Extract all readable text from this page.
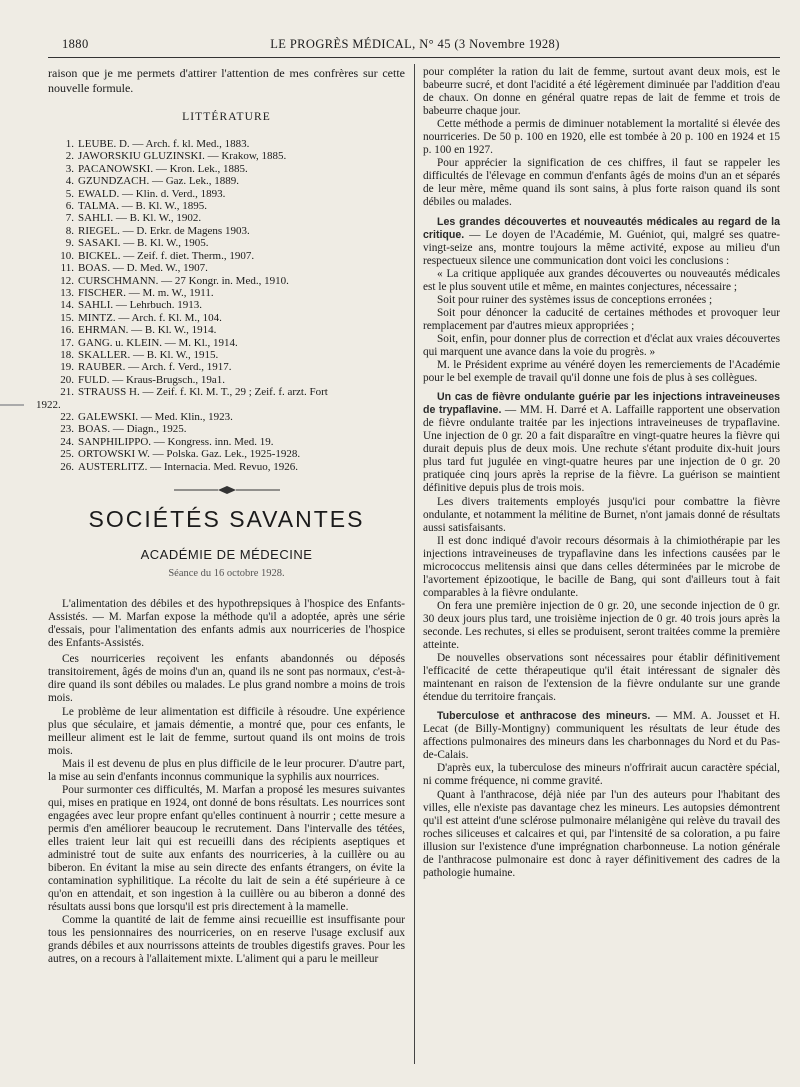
1880	LE PROGRÈS MÉDICAL, N° 45 (3 Novembre 1928)

raison que je me permets d'attirer l'attention de mes confrères sur cette nouvelle formule.

LITTÉRATURE

1. LEUBE. D. — Arch. f. kl. Med., 1883.
2. JAWORSKIU GLUZINSKI. — Krakow, 1885.
3. PACANOWSKI. — Kron. Lek., 1885.
4. GZUNDZACH. — Gaz. Lek., 1889.
5. EWALD. — Klin. d. Verd., 1893.
6. TALMA. — B. Kl. W., 1895.
7. SAHLI. — B. Kl. W., 1902.
8. RIEGEL. — D. Erkr. de Magens 1903.
9. SASAKI. — B. Kl. W., 1905.
10. BICKEL. — Zeif. f. diet. Therm., 1907.
11. BOAS. — D. Med. W., 1907.
12. CURSCHMANN. — 27 Kongr. in. Med., 1910.
13. FISCHER. — M. m. W., 1911.
14. SAHLI. — Lehrbuch. 1913.
15. MINTZ. — Arch. f. Kl. M., 104.
16. EHRMAN. — B. Kl. W., 1914.
17. GANG. u. KLEIN. — M. Kl., 1914.
18. SKALLER. — B. Kl. W., 1915.
19. RAUBER. — Arch. f. Verd., 1917.
20. FULD. — Kraus-Brugsch., 19a1.
21. STRAUSS H. — Zeif. f. Kl. M. T., 29 ; Zeif. f. arzt. Fort
1922.
22. GALEWSKI. — Med. Klin., 1923.
23. BOAS. — Diagn., 1925.
24. SANPHILIPPO. — Kongress. inn. Med. 19.
25. ORTOWSKI W. — Polska. Gaz. Lek., 1925-1928.
26. AUSTERLITZ. — Internacia. Med. Revuo, 1926.

SOCIÉTÉS SAVANTES

ACADÉMIE DE MÉDECINE

Séance du 16 octobre 1928.

L'alimentation des débiles et des hypothrepsiques à l'hospice des Enfants-Assistés. — M. Marfan expose la méthode qu'il a adoptée, après une série d'essais, pour l'alimentation des enfants admis aux nourriceries de l'hospice des Enfants-Assistés.

Ces nourriceries reçoivent les enfants abandonnés ou déposés transitoirement, âgés de moins d'un an, quand ils ne sont pas normaux, c'est-à-dire quand ils sont débiles ou malades. Le plus grand nombre a moins de trois mois.

Le problème de leur alimentation est difficile à résoudre. Une expérience plus que séculaire, et jamais démentie, a montré que, pour ces enfants, le meilleur aliment est le lait de femme, surtout quand ils ont moins de trois mois.

Mais il est devenu de plus en plus difficile de le leur procurer. D'autre part, la mise au sein d'enfants inconnus communique la syphilis aux nourrices.

Pour surmonter ces difficultés, M. Marfan a proposé les mesures suivantes qui, mises en pratique en 1924, ont donné de bons résultats. Les nourrices sont engagées avec leur propre enfant qu'elles continuent à nourrir ; cette mesure a permis d'en améliorer beaucoup le recrutement. Dans l'intervalle des tétées, elles traient leur lait qui est recueilli dans des récipients aseptiques et administré tout de suite aux enfants des nourriceries, à la cuillère ou au biberon. En évitant la mise au sein directe des enfants étrangers, on évite la contamination syphilitique. La récolte du lait de sein a été supérieure à ce qu'on en attendait, et son ingestion à la cuillère ou au biberon a donné des résultats aussi bons que lorsqu'il est pris directement à la mamelle.

Comme la quantité de lait de femme ainsi recueillie est insuffisante pour tous les pensionnaires des nourriceries, on en reserve l'usage exclusif aux grands débiles et aux nourrissons atteints de troubles digestifs graves. Pour les autres, on a recours à l'allaitement mixte. L'aliment qui a paru le meilleur

pour compléter la ration du lait de femme, surtout avant deux mois, est le babeurre sucré, et dont l'acidité a été légèrement diminuée par l'addition d'eau de chaux. On donne en général quatre repas de lait de femme et trois de babeurre chaque jour.

Cette méthode a permis de diminuer notablement la mortalité si élevée des nourriceries. De 50 p. 100 en 1920, elle est tombée à 20 p. 100 en 1924 et 15 p. 100 en 1927.

Pour apprécier la signification de ces chiffres, il faut se rappeler les difficultés de l'élevage en commun d'enfants âgés de moins d'un an et séparés de leur mère, même quand ils sont sains, à plus forte raison quand ils sont débiles ou malades.

Les grandes découvertes et nouveautés médicales au regard de la critique. — Le doyen de l'Académie, M. Guéniot, qui, malgré ses quatre-vingt-seize ans, montre toujours la même activité, expose au milieu d'un respectueux silence une communication dont voici les conclusions :

« La critique appliquée aux grandes découvertes ou nouveautés médicales est le plus souvent utile et même, en maintes conjectures, nécessaire ;

Soit pour ruiner des systèmes issus de conceptions erronées ;

Soit pour dénoncer la caducité de certaines méthodes et provoquer leur remplacement par d'autres mieux appropriées ;

Soit, enfin, pour donner plus de correction et d'éclat aux vraies découvertes qui marquent une avance dans la voie du progrès. »

M. le Président exprime au vénéré doyen les remerciements de l'Académie pour le bel exemple de travail qu'il donne une fois de plus à ses collègues.

Un cas de fièvre ondulante guérie par les injections intraveineuses de trypaflavine. — MM. H. Darré et A. Laffaille rapportent une observation de fièvre ondulante traitée par les injections intraveineuses de trypaflavine. Une injection de 0 gr. 20 a fait disparaître en vingt-quatre heures la fièvre qui durait depuis plus de deux mois. Une rechute s'étant produite dix-huit jours plus tard fut jugulée en vingt-quatre heures par une injection de 0 gr. 20 pratiquée cinq jours après la reprise de la fièvre. La guérison se maintient définitive depuis plus de trois mois.

Les divers traitements employés jusqu'ici pour combattre la fièvre ondulante, et notamment la mélitine de Burnet, n'ont jamais donné de résultats aussi satisfaisants.

Il est donc indiqué d'avoir recours désormais à la chimiothérapie par les injections intraveineuses de trypaflavine dans les infections causées par le micrococcus melitensis ainsi que dans celles déterminées par le microbe de l'avortement épizootique, le bacille de Bang, qui sont d'ailleurs tout à fait comparables à la fièvre ondulante.

On fera une première injection de 0 gr. 20, une seconde injection de 0 gr. 30 deux jours plus tard, une troisième injection de 0 gr. 40 trois jours après la seconde. Les rechutes, si elles se produisent, seront traitées comme la première atteinte.

De nouvelles observations sont nécessaires pour établir définitivement l'efficacité de cette thérapeutique qu'il était intéressant de signaler dès maintenant en raison de l'extension de la fièvre ondulante sur une grande étendue du territoire français.

Tuberculose et anthracose des mineurs. — MM. A. Jousset et H. Lecat (de Billy-Montigny) communiquent les résultats de leur étude des affections pulmonaires des mineurs dans les charbonnages du Nord et du Pas-de-Calais.

D'après eux, la tuberculose des mineurs n'offrirait aucun caractère spécial, ni comme fréquence, ni comme gravité.

Quant à l'anthracose, déjà niée par l'un des auteurs pour l'habitant des villes, elle n'existe pas davantage chez les mineurs. Les autopsies démontrent qu'il est atteint d'une sclérose pulmonaire mélanigène qui relève du travail des roches siliceuses et calcaires et qui, par l'intensité de sa coloration, a pu faire illusion sur l'existence d'une imprégnation charbonneuse. La notion générale de l'anthracose pulmonaire est donc à rayer définitivement des cadres de la pathologie humaine.
